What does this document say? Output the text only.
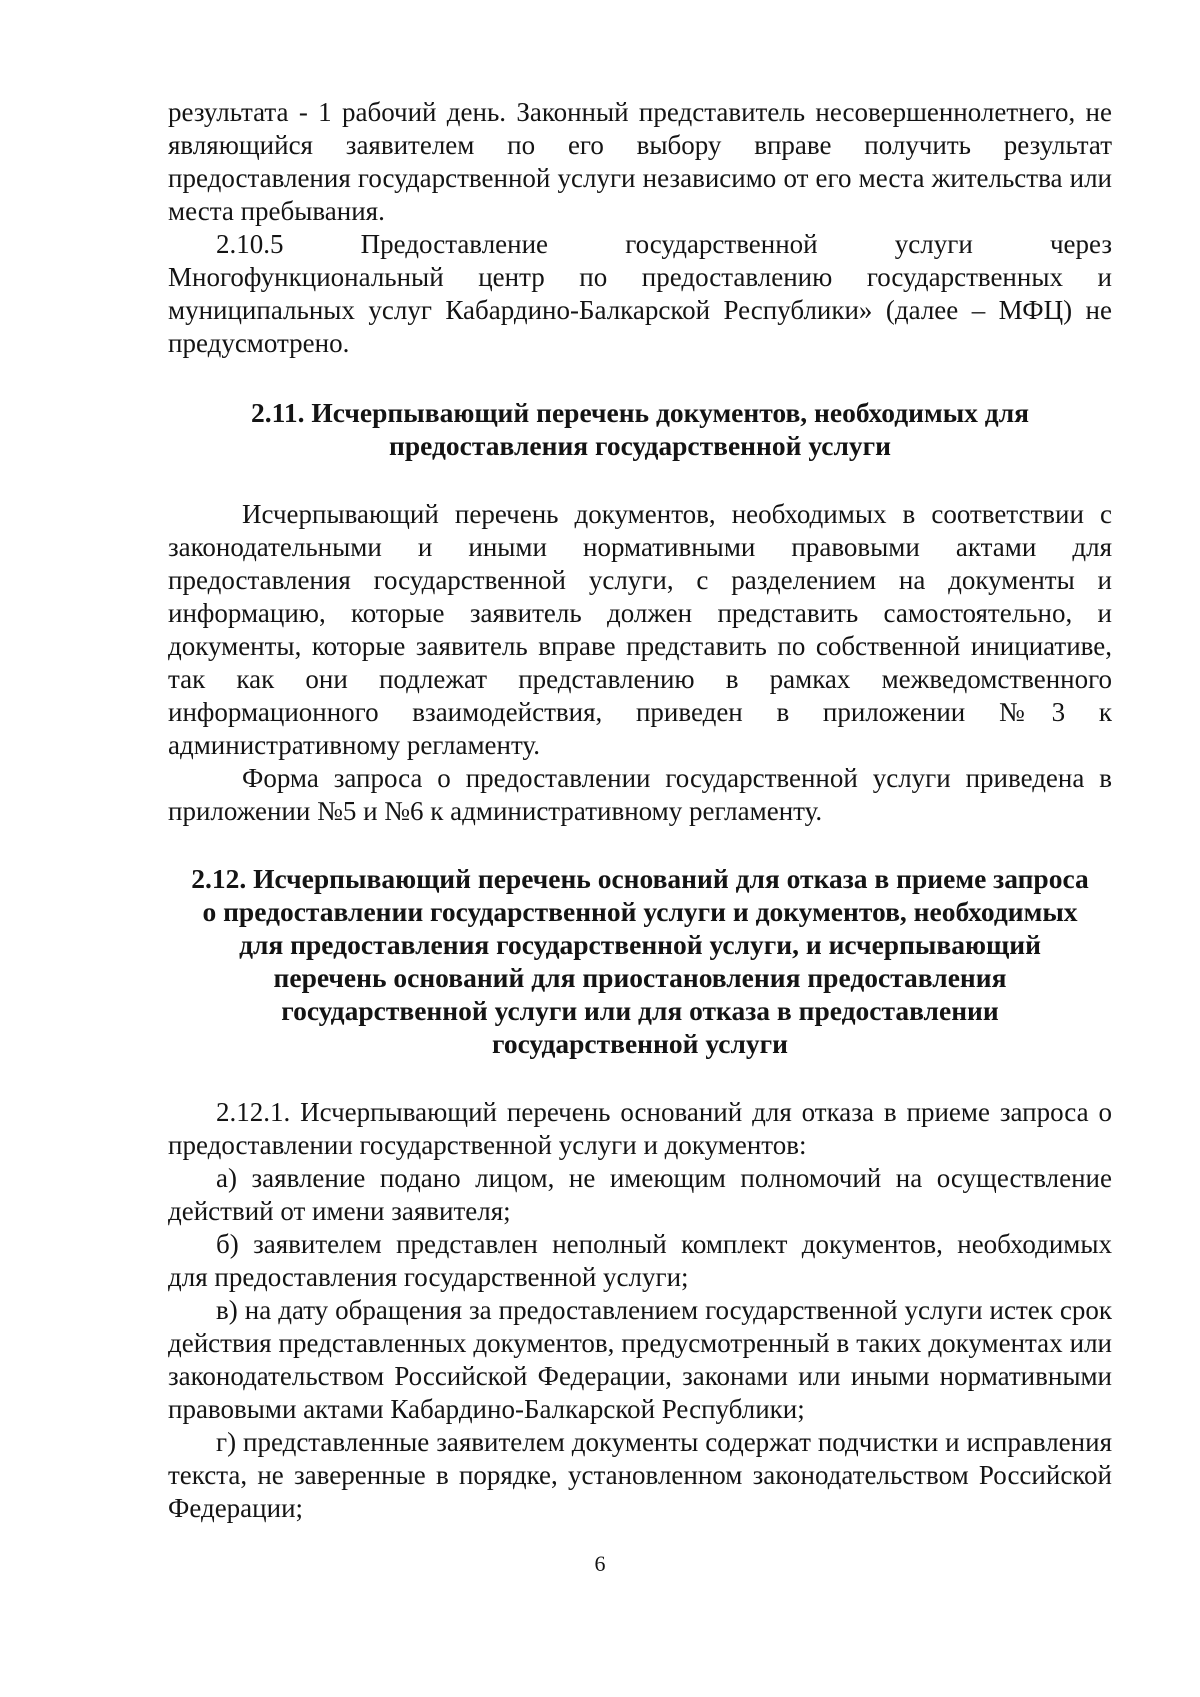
результата - 1 рабочий день. Законный представитель несовершеннолетнего, не являющийся заявителем по его выбору вправе получить результат предоставления государственной услуги независимо от его места жительства или места пребывания.

2.10.5 Предоставление государственной услуги через Многофункциональный центр по предоставлению государственных и муниципальных услуг Кабардино-Балкарской Республики» (далее – МФЦ) не предусмотрено.

2.11. Исчерпывающий перечень документов, необходимых для
предоставления государственной услуги

Исчерпывающий перечень документов, необходимых в соответствии с законодательными и иными нормативными правовыми актами для предоставления государственной услуги, с разделением на документы и информацию, которые заявитель должен представить самостоятельно, и документы, которые заявитель вправе представить по собственной инициативе, так как они подлежат представлению в рамках межведомственного информационного взаимодействия, приведен в приложении №3 к административному регламенту.

Форма запроса о предоставлении государственной услуги приведена в приложении №5 и №6 к административному регламенту.

2.12. Исчерпывающий перечень оснований для отказа в приеме запроса
о предоставлении государственной услуги и документов, необходимых
для предоставления государственной услуги, и исчерпывающий
перечень оснований для приостановления предоставления
государственной услуги или для отказа в предоставлении
государственной услуги

2.12.1. Исчерпывающий перечень оснований для отказа в приеме запроса о предоставлении государственной услуги и документов:

а) заявление подано лицом, не имеющим полномочий на осуществление действий от имени заявителя;

б) заявителем представлен неполный комплект документов, необходимых для предоставления государственной услуги;

в) на дату обращения за предоставлением государственной услуги истек срок действия представленных документов, предусмотренный в таких документах или законодательством Российской Федерации, законами или иными нормативными правовыми актами Кабардино-Балкарской Республики;

г) представленные заявителем документы содержат подчистки и исправления текста, не заверенные в порядке, установленном законодательством Российской Федерации;

6
